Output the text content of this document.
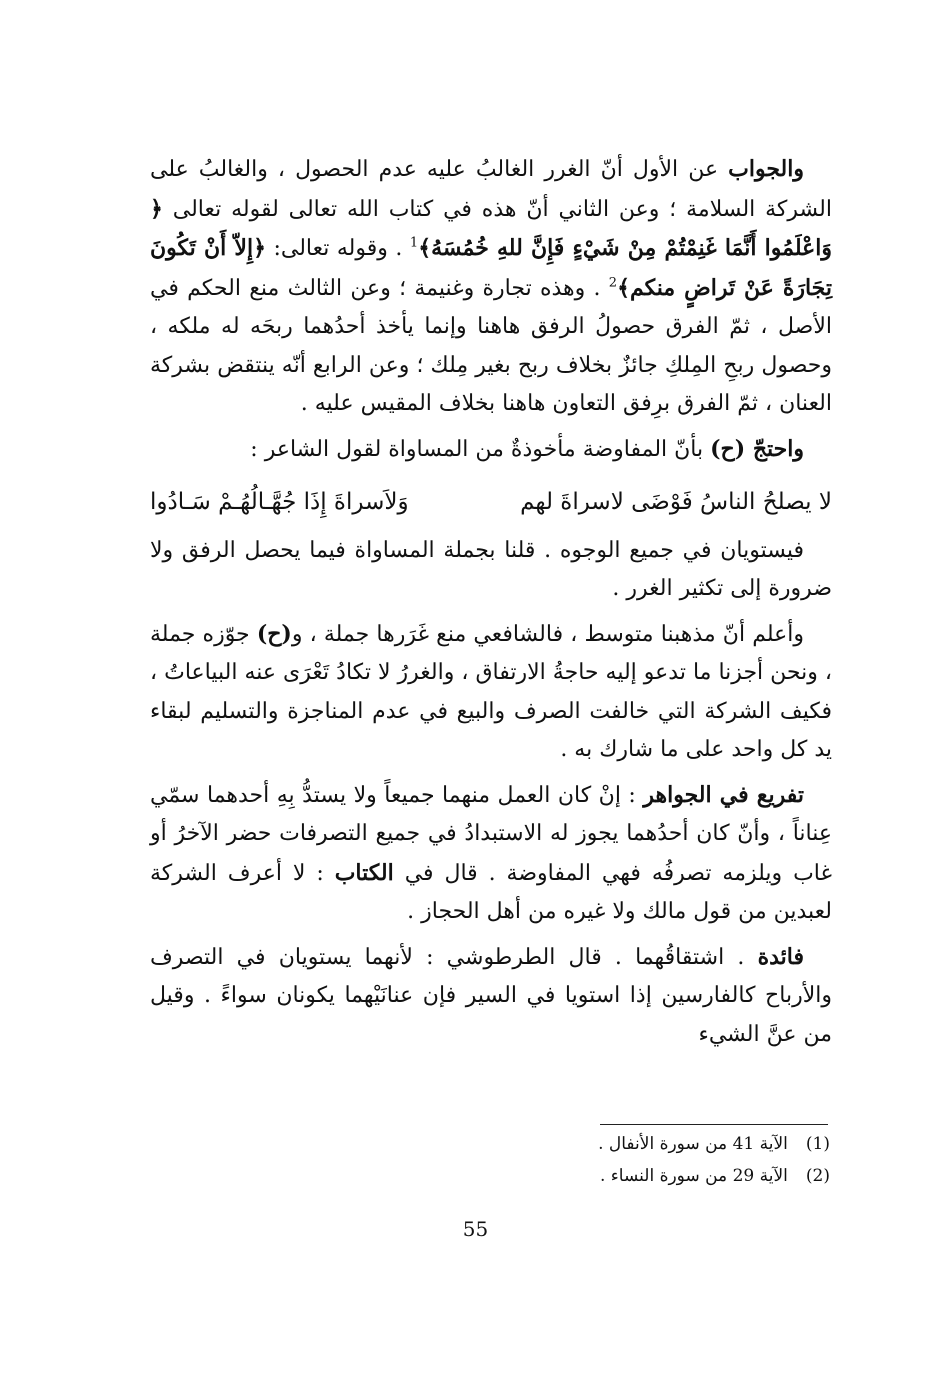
والجواب عن الأول أنّ الغرر الغالبُ عليه عدم الحصول ، والغالبُ على الشركة السلامة ؛ وعن الثاني أنّ هذه في كتاب الله تعالى لقوله تعالى ﴿ وَاعْلَمُوا أَنَّمَا غَنِمْتُمْ مِنْ شَيْءٍ فَإِنَّ للهِ خُمُسَهُ﴾$^1$ . وقوله تعالى: ﴿إِلاّ أَنْ تَكُونَ تِجَارَةً عَنْ تَراضٍ منكم﴾$^2$ . وهذه تجارة وغنيمة ؛ وعن الثالث منع الحكم في الأصل ، ثمّ الفرق حصولُ الرفق هاهنا وإنما يأخذ أحدُهما ربحَه له ملكه ، وحصول ربحِ المِلكِ جائزٌ بخلاف ربح بغير مِلك ؛ وعن الرابع أنّه ينتقض بشركة العنان ، ثمّ الفرق برِفق التعاون هاهنا بخلاف المقيس عليه .

واحتجّ (ح) بأنّ المفاوضة مأخوذةٌ من المساواة لقول الشاعر :

لا يصلحُ الناسُ فَوْضَى لاسراةَ لهم
وَلاَسراةَ إِذَا جُهَّـالُهُـمْ سَـادُوا

فيستويان في جميع الوجوه . قلنا بجملة المساواة فيما يحصل الرفق ولا ضرورة إلى تكثير الغرر .

وأعلم أنّ مذهبنا متوسط ، فالشافعي منع غَرَرها جملة ، و(ح) جوّزه جملة ، ونحن أجزنا ما تدعو إليه حاجةُ الارتفاق ، والغررُ لا تكادُ تَعْرَى عنه البياعاتُ ، فكيف الشركة التي خالفت الصرف والبيع في عدم المناجزة والتسليم لبقاء يد كل واحد على ما شارك به .

تفريع في الجواهر : إنْ كان العمل منهما جميعاً ولا يستدُّ بِهِ أحدهما سمّي عِناناً ، وأنّ كان أحدُهما يجوز له الاستبدادُ في جميع التصرفات حضر الآخرُ أو غاب ويلزمه تصرفُه فهي المفاوضة . قال في الكتاب : لا أعرف الشركة لعبدين من قول مالك ولا غيره من أهل الحجاز .

فائدة . اشتقاقُهما . قال الطرطوشي : لأنهما يستويان في التصرف والأرباح كالفارسين إذا استويا في السير فإن عنانَيْهما يكونان سواءً . وقيل من عنَّ الشيء

(1)
الآية 41 من سورة الأنفال .
(2)
الآية 29 من سورة النساء .
55
